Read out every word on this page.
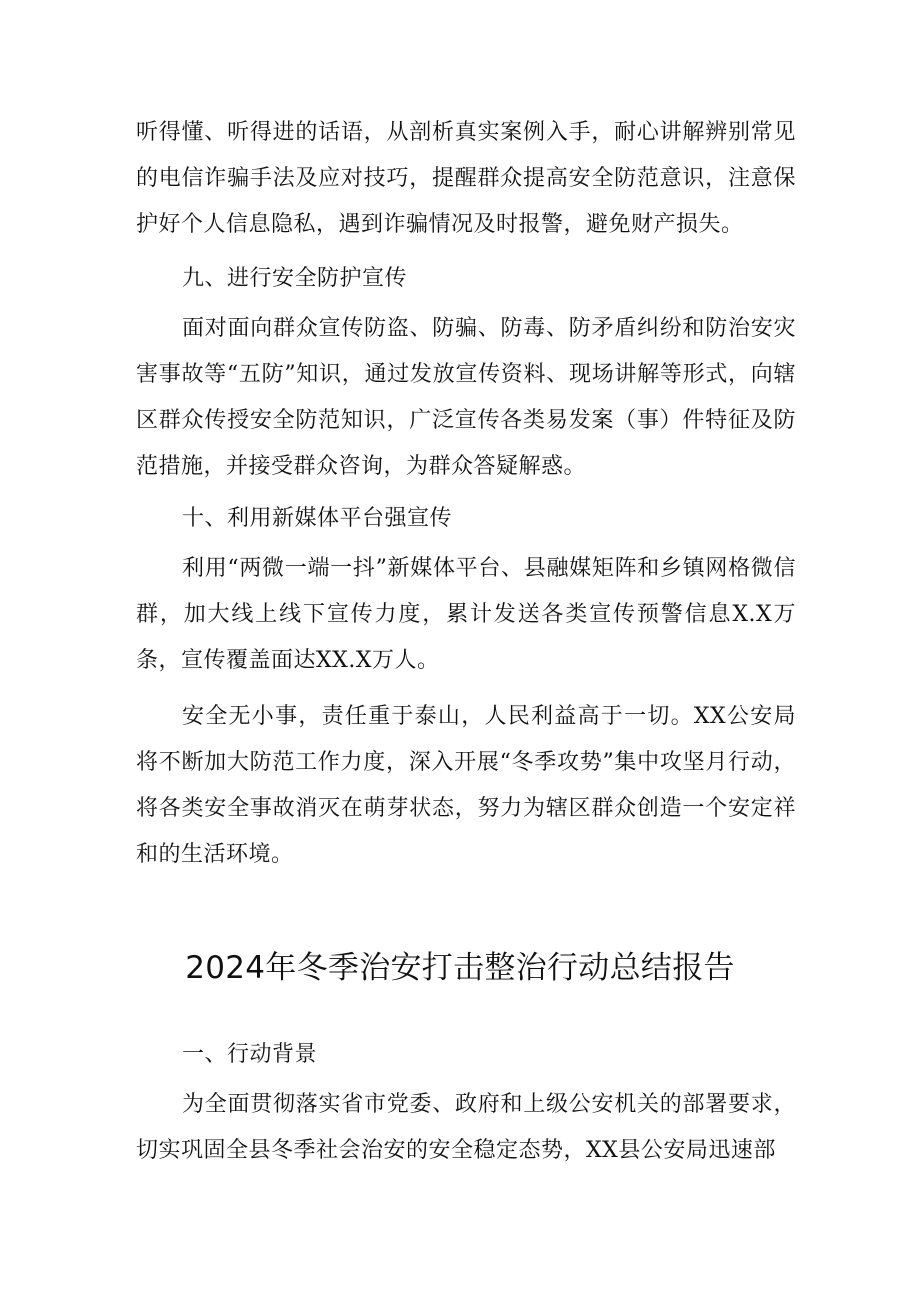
听得懂、听得进的话语，从剖析真实案例入手，耐心讲解辨别常见的电信诈骗手法及应对技巧，提醒群众提高安全防范意识，注意保护好个人信息隐私，遇到诈骗情况及时报警，避免财产损失。

九、进行安全防护宣传

面对面向群众宣传防盗、防骗、防毒、防矛盾纠纷和防治安灾害事故等“五防”知识，通过发放宣传资料、现场讲解等形式，向辖区群众传授安全防范知识，广泛宣传各类易发案（事）件特征及防范措施，并接受群众咨询，为群众答疑解惑。

十、利用新媒体平台强宣传

利用“两微一端一抖”新媒体平台、县融媒矩阵和乡镇网格微信群，加大线上线下宣传力度，累计发送各类宣传预警信息X.X万条，宣传覆盖面达XX.X万人。

安全无小事，责任重于泰山，人民利益高于一切。XX公安局将不断加大防范工作力度，深入开展“冬季攻势”集中攻坚月行动，将各类安全事故消灭在萌芽状态，努力为辖区群众创造一个安定祥和的生活环境。

2024年冬季治安打击整治行动总结报告
一、行动背景

为全面贯彻落实省市党委、政府和上级公安机关的部署要求，切实巩固全县冬季社会治安的安全稳定态势，XX县公安局迅速部
